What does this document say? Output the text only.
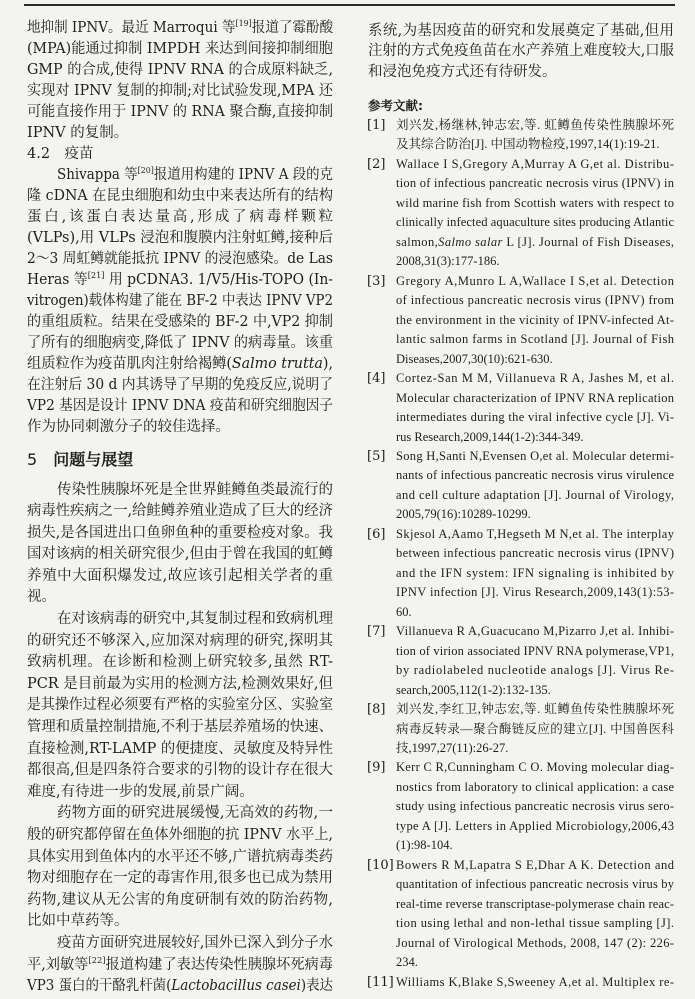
地抑制 IPNV。最近 Marroqui 等[19]报道了霉酚酸
(MPA)能通过抑制 IMPDH 来达到间接抑制细胞
GMP 的合成,使得 IPNV RNA 的合成原料缺乏,
实现对 IPNV 复制的抑制;对比试验发现,MPA 还
可能直接作用于 IPNV 的 RNA 聚合酶,直接抑制
IPNV 的复制。
4.2　疫苗
Shivappa 等[20]报道用构建的 IPNV A 段的克
隆 cDNA 在昆虫细胞和幼虫中来表达所有的结构
蛋白,该蛋白表达量高,形成了病毒样颗粒
(VLPs),用 VLPs 浸泡和腹膜内注射虹鳟,接种后
2～3 周虹鳟就能抵抗 IPNV 的浸泡感染。de Las
Heras 等[21] 用 pCDNA3. 1/V5/His-TOPO (In-
vitrogen)载体构建了能在 BF-2 中表达 IPNV VP2
的重组质粒。结果在受感染的 BF-2 中,VP2 抑制
了所有的细胞病变,降低了 IPNV 的病毒量。该重
组质粒作为疫苗肌肉注射给褐鳟(Salmo trutta),
在注射后 30 d 内其诱导了早期的免疫反应,说明了
VP2 基因是设计 IPNV DNA 疫苗和研究细胞因子
作为协同刺激分子的较佳选择。
5 问题与展望
传染性胰腺坏死是全世界鲑鳟鱼类最流行的
病毒性疾病之一,给鲑鳟养殖业造成了巨大的经济
损失,是各国进出口鱼卵鱼种的重要检疫对象。我
国对该病的相关研究很少,但由于曾在我国的虹鳟
养殖中大面积爆发过,故应该引起相关学者的重
视。
在对该病毒的研究中,其复制过程和致病机理
的研究还不够深入,应加深对病理的研究,探明其
致病机理。在诊断和检测上研究较多,虽然 RT-
PCR 是目前最为实用的检测方法,检测效果好,但
是其操作过程必须要有严格的实验室分区、实验室
管理和质量控制措施,不利于基层养殖场的快速、
直接检测,RT-LAMP 的便捷度、灵敏度及特异性
都很高,但是四条符合要求的引物的设计存在很大
难度,有待进一步的发展,前景广阔。
药物方面的研究进展缓慢,无高效的药物,一
般的研究都停留在鱼体外细胞的抗 IPNV 水平上,
具体实用到鱼体内的水平还不够,广谱抗病毒类药
物对细胞存在一定的毒害作用,很多也已成为禁用
药物,建议从无公害的角度研制有效的防治药物,
比如中草药等。
疫苗方面研究进展较好,国外已深入到分子水
平,刘敏等[22]报道构建了表达传染性胰腺坏死病毒
VP3 蛋白的干酪乳杆菌(Lactobacillus casei)表达
系统,为基因疫苗的研究和发展奠定了基础,但用
注射的方式免疫鱼苗在水产养殖上难度较大,口服
和浸泡免疫方式还有待研发。
参考文献:
[1] 刘兴发,杨继林,钟志宏,等. 虹鳟鱼传染性胰腺坏死
及其综合防治[J]. 中国动物检疫,1997,14(1):19-21.
[2] Wallace I S,Gregory A,Murray A G,et al. Distribu-
tion of infectious pancreatic necrosis virus (IPNV) in
wild marine fish from Scottish waters with respect to
clinically infected aquaculture sites producing Atlantic
salmon,Salmo salar L [J]. Journal of Fish Diseases,
2008,31(3):177-186.
[3] Gregory A,Munro L A,Wallace I S,et al. Detection
of infectious pancreatic necrosis virus (IPNV) from
the environment in the vicinity of IPNV-infected At-
lantic salmon farms in Scotland [J]. Journal of Fish
Diseases,2007,30(10):621-630.
[4] Cortez-San M M, Villanueva R A, Jashes M, et al.
Molecular characterization of IPNV RNA replication
intermediates during the viral infective cycle [J]. Vi-
rus Research,2009,144(1-2):344-349.
[5] Song H,Santi N,Evensen O,et al. Molecular determi-
nants of infectious pancreatic necrosis virus virulence
and cell culture adaptation [J]. Journal of Virology,
2005,79(16):10289-10299.
[6] Skjesol A,Aamo T,Hegseth M N,et al. The interplay
between infectious pancreatic necrosis virus (IPNV)
and the IFN system: IFN signaling is inhibited by
IPNV infection [J]. Virus Research,2009,143(1):53-
60.
[7] Villanueva R A,Guacucano M,Pizarro J,et al. Inhibi-
tion of virion associated IPNV RNA polymerase,VP1,
by radiolabeled nucleotide analogs [J]. Virus Re-
search,2005,112(1-2):132-135.
[8] 刘兴发,李红卫,钟志宏,等. 虹鳟鱼传染性胰腺坏死
病毒反转录—聚合酶链反应的建立[J]. 中国兽医科
技,1997,27(11):26-27.
[9] Kerr C R,Cunningham C O. Moving molecular diag-
nostics from laboratory to clinical application: a case
study using infectious pancreatic necrosis virus sero-
type A [J]. Letters in Applied Microbiology,2006,43
(1):98-104.
[10] Bowers R M,Lapatra S E,Dhar A K. Detection and
quantitation of infectious pancreatic necrosis virus by
real-time reverse transcriptase-polymerase chain reac-
tion using lethal and non-lethal tissue sampling [J].
Journal of Virological Methods, 2008, 147 (2): 226-
234.
[11] Williams K,Blake S,Sweeney A,et al. Multiplex re-
